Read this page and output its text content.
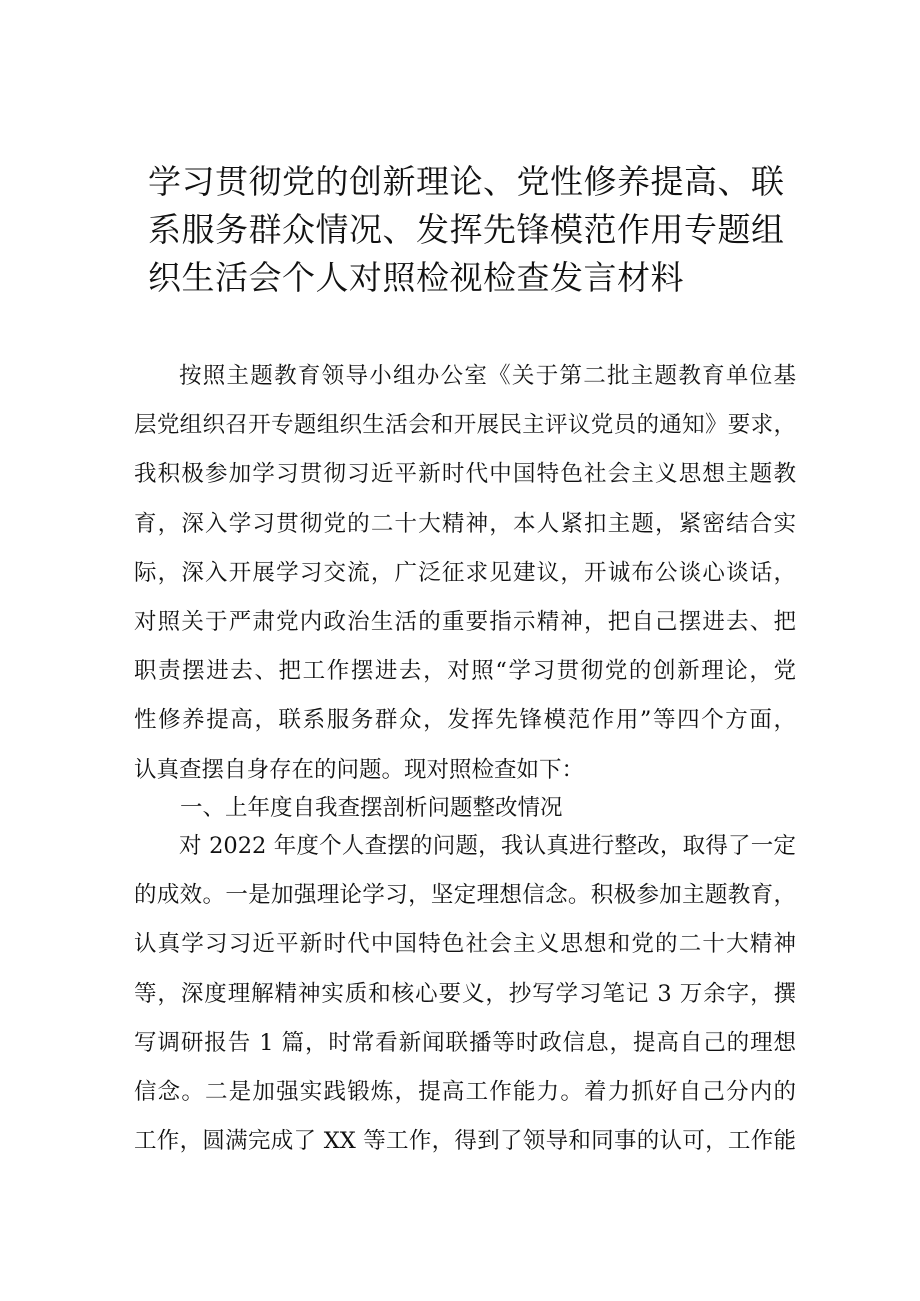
学习贯彻党的创新理论、党性修养提高、联
系服务群众情况、发挥先锋模范作用专题组
织生活会个人对照检视检查发言材料
按照主题教育领导小组办公室《关于第二批主题教育单位基
层党组织召开专题组织生活会和开展民主评议党员的通知》要求，
我积极参加学习贯彻习近平新时代中国特色社会主义思想主题教
育，深入学习贯彻党的二十大精神，本人紧扣主题，紧密结合实
际，深入开展学习交流，广泛征求见建议，开诚布公谈心谈话，
对照关于严肃党内政治生活的重要指示精神，把自己摆进去、把
职责摆进去、把工作摆进去，对照“学习贯彻党的创新理论，党
性修养提高，联系服务群众，发挥先锋模范作用”等四个方面，
认真查摆自身存在的问题。现对照检查如下：
一、上年度自我查摆剖析问题整改情况
对 2022 年度个人查摆的问题，我认真进行整改，取得了一定
的成效。一是加强理论学习，坚定理想信念。积极参加主题教育，
认真学习习近平新时代中国特色社会主义思想和党的二十大精神
等，深度理解精神实质和核心要义，抄写学习笔记 3 万余字，撰
写调研报告 1 篇，时常看新闻联播等时政信息，提高自己的理想
信念。二是加强实践锻炼，提高工作能力。着力抓好自己分内的
工作，圆满完成了 XX 等工作，得到了领导和同事的认可，工作能
